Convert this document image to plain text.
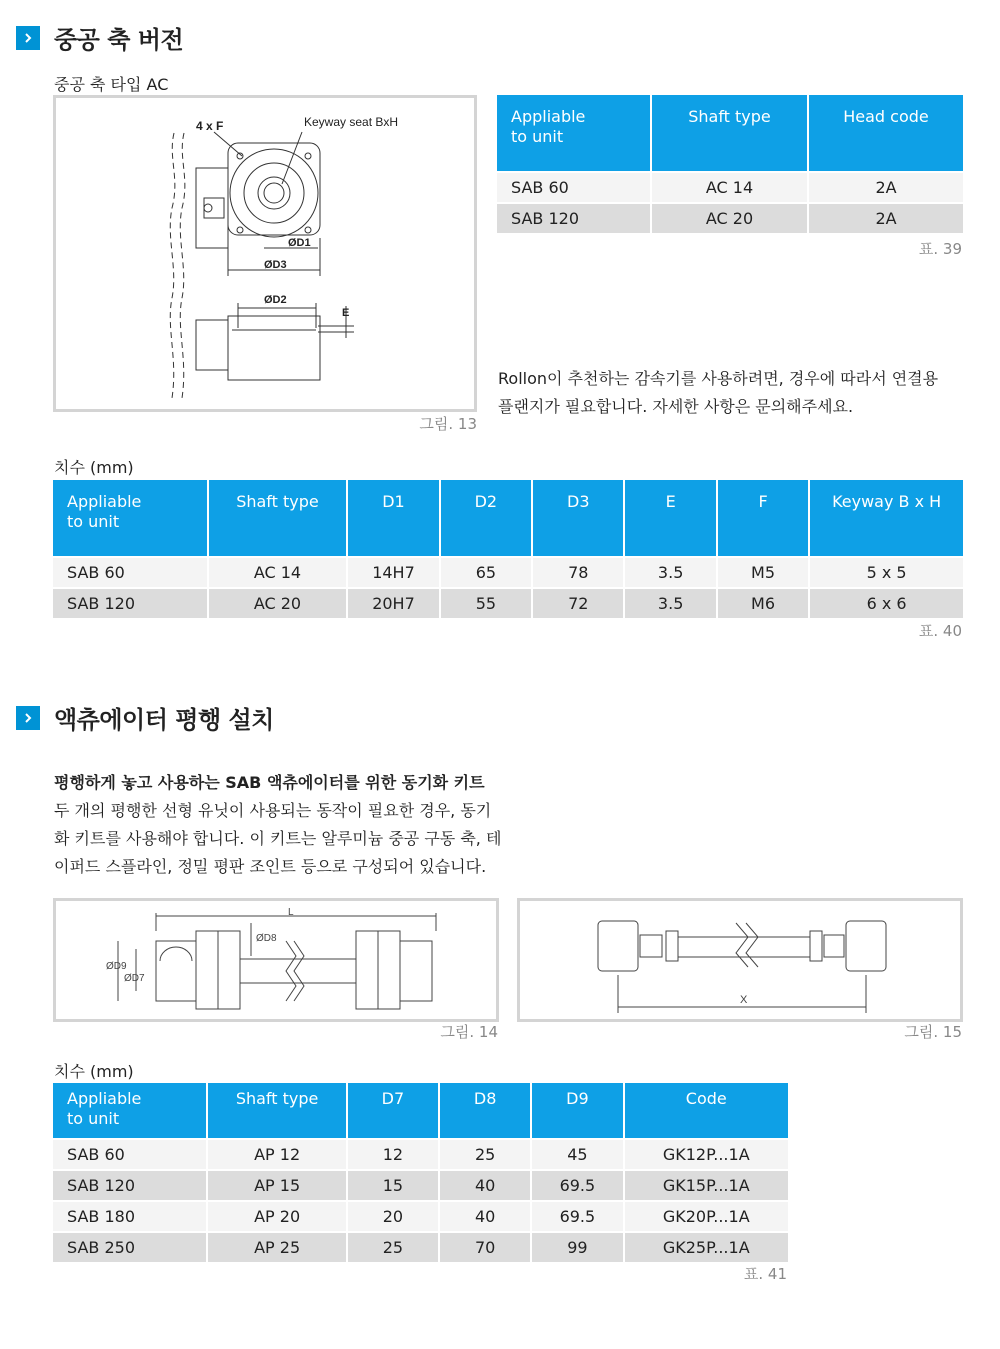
중공 축 버전
중공 축 타입 AC
4 x F	Keyway seat BxH
ØD1
ØD3
ØD2
E
그림. 13
Appliable
to unit	Shaft type	Head code
SAB 60	AC 14	2A
SAB 120	AC 20	2A
표. 39
Rollon이 추천하는 감속기를 사용하려면, 경우에 따라서 연결용 플랜지가 필요합니다. 자세한 사항은 문의해주세요.
치수 (mm)
Appliable
to unit	Shaft type	D1	D2	D3	E	F	Keyway B x H
SAB 60	AC 14	14H7	65	78	3.5	M5	5 x 5
SAB 120	AC 20	20H7	55	72	3.5	M6	6 x 6
표. 40
액츄에이터 평행 설치
평행하게 놓고 사용하는 SAB 액츄에이터를 위한 동기화 키트
두 개의 평행한 선형 유닛이 사용되는 동작이 필요한 경우, 동기
화 키트를 사용해야 합니다. 이 키트는 알루미늄 중공 구동 축, 테
이퍼드 스플라인, 정밀 평판 조인트 등으로 구성되어 있습니다.
L
ØD8
ØD9
ØD7
그림. 14
X
그림. 15
치수 (mm)
Appliable
to unit	Shaft type	D7	D8	D9	Code
SAB 60	AP 12	12	25	45	GK12P...1A
SAB 120	AP 15	15	40	69.5	GK15P...1A
SAB 180	AP 20	20	40	69.5	GK20P...1A
SAB 250	AP 25	25	70	99	GK25P...1A
표. 41
